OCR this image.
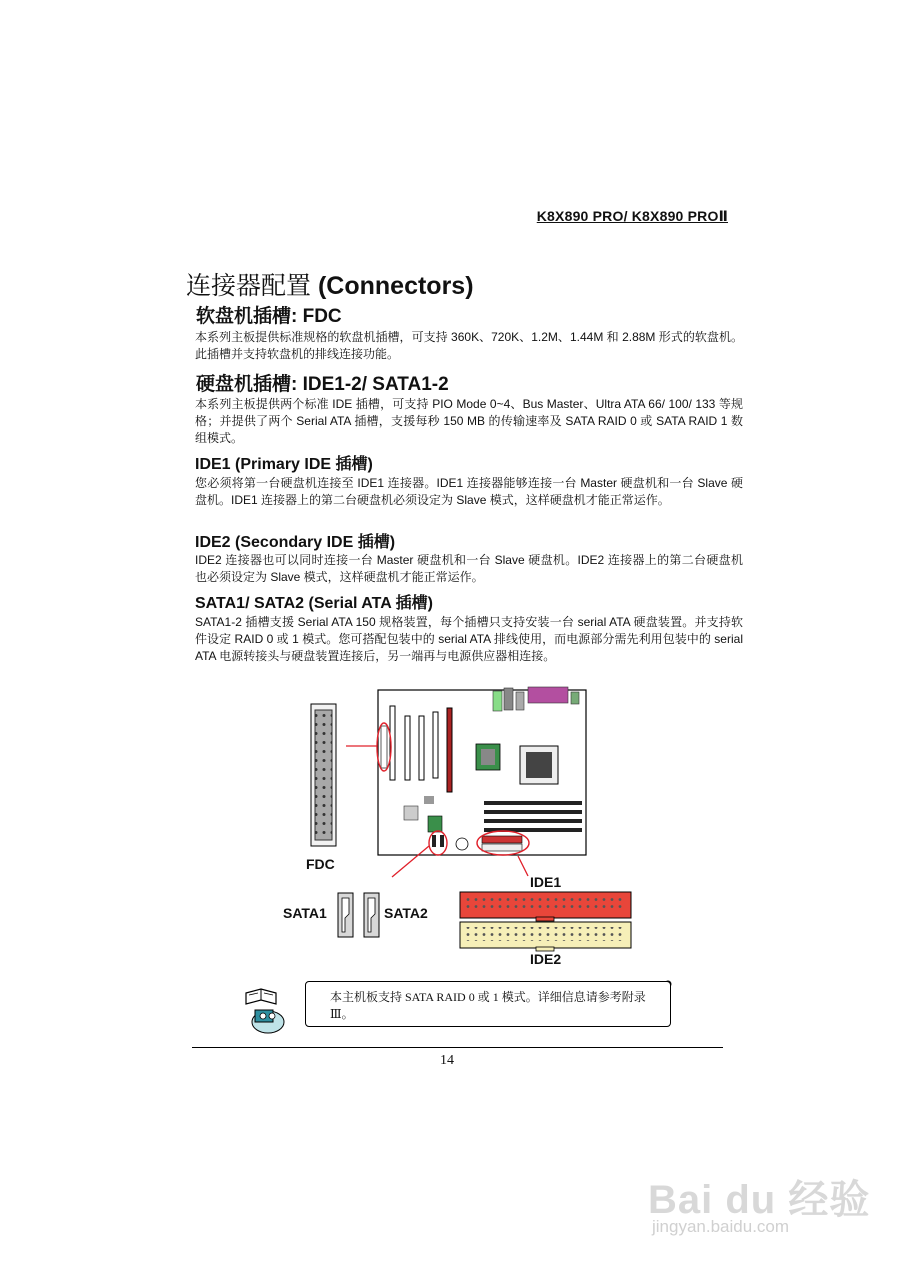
K8X890 PRO/ K8X890 PROⅡ
连接器配置 (Connectors)
软盘机插槽: FDC
本系列主板提供标准规格的软盘机插槽，可支持 360K、720K、1.2M、1.44M 和 2.88M 形式的软盘机。此插槽并支持软盘机的排线连接功能。
硬盘机插槽: IDE1-2/ SATA1-2
本系列主板提供两个标准 IDE 插槽，可支持 PIO Mode 0~4、Bus Master、Ultra ATA 66/ 100/ 133 等规格；并提供了两个 Serial ATA 插槽，支援每秒 150 MB 的传输速率及 SATA RAID 0 或 SATA RAID 1 数组模式。
IDE1 (Primary IDE 插槽)
您必须将第一台硬盘机连接至 IDE1 连接器。IDE1 连接器能够连接一台 Master 硬盘机和一台 Slave 硬盘机。IDE1 连接器上的第二台硬盘机必须设定为 Slave 模式，这样硬盘机才能正常运作。
IDE2 (Secondary IDE 插槽)
IDE2 连接器也可以同时连接一台 Master 硬盘机和一台 Slave 硬盘机。IDE2 连接器上的第二台硬盘机也必须设定为 Slave 模式，这样硬盘机才能正常运作。
SATA1/ SATA2 (Serial ATA 插槽)
SATA1-2 插槽支援 Serial ATA 150 规格装置，每个插槽只支持安装一台 serial ATA 硬盘装置。并支持软件设定 RAID 0 或 1 模式。您可搭配包装中的 serial ATA 排线使用，而电源部分需先利用包装中的 serial ATA 电源转接头与硬盘装置连接后，另一端再与电源供应器相连接。
FDC
IDE1
IDE2
SATA1	SATA2
本主机板支持 SATA RAID 0 或 1 模式。详细信息请参考附录Ⅲ。
14
Bai du 经验
jingyan.baidu.com
